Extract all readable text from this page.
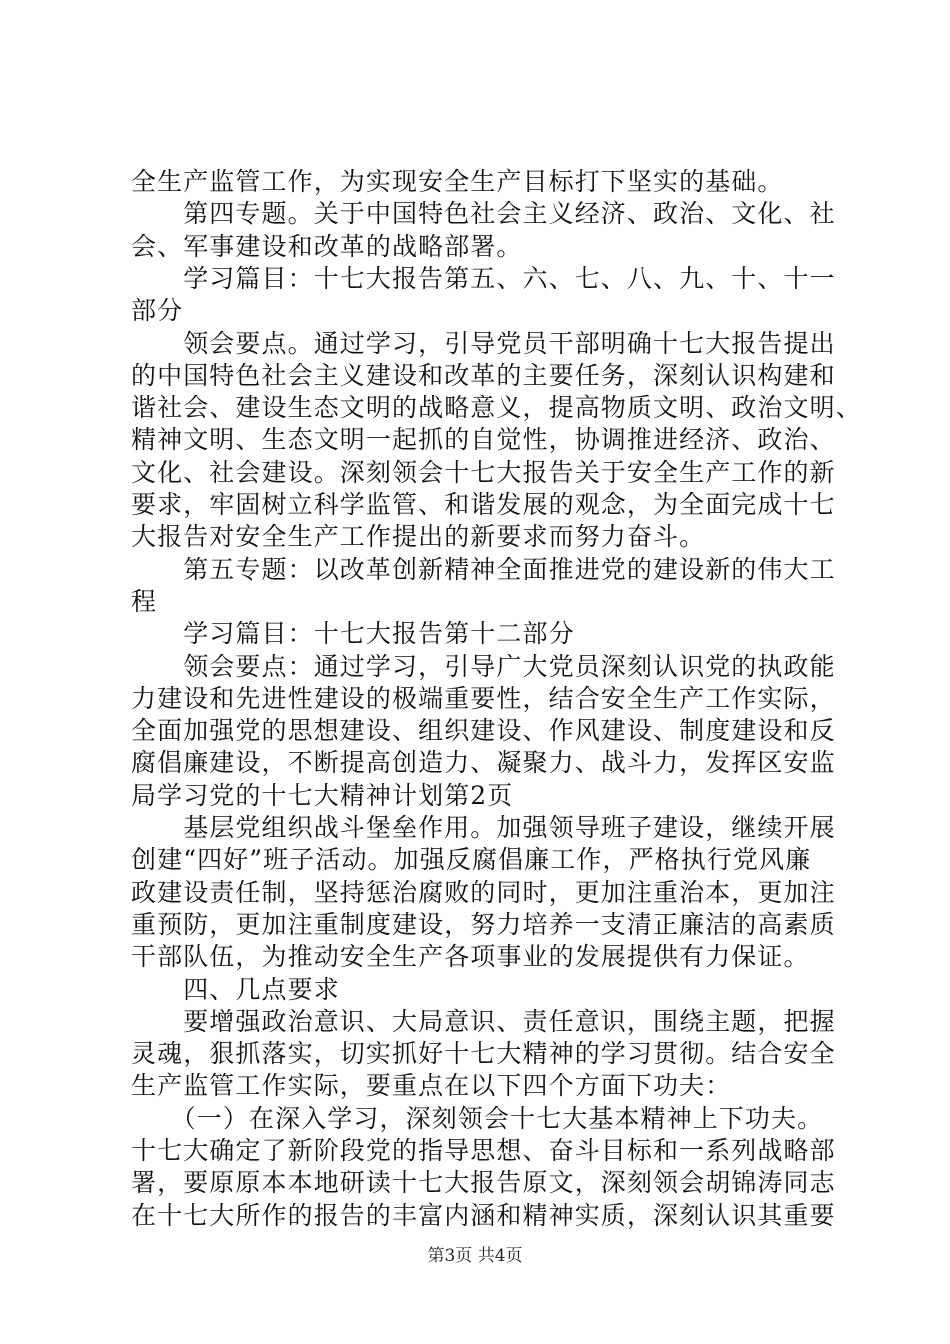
全生产监管工作，为实现安全生产目标打下坚实的基础。
　　第四专题。关于中国特色社会主义经济、政治、文化、社
会、军事建设和改革的战略部署。
　　学习篇目：十七大报告第五、六、七、八、九、十、十一
部分
　　领会要点。通过学习，引导党员干部明确十七大报告提出
的中国特色社会主义建设和改革的主要任务，深刻认识构建和
谐社会、建设生态文明的战略意义，提高物质文明、政治文明、
精神文明、生态文明一起抓的自觉性，协调推进经济、政治、
文化、社会建设。深刻领会十七大报告关于安全生产工作的新
要求，牢固树立科学监管、和谐发展的观念，为全面完成十七
大报告对安全生产工作提出的新要求而努力奋斗。
　　第五专题：以改革创新精神全面推进党的建设新的伟大工
程
　　学习篇目：十七大报告第十二部分
　　领会要点：通过学习，引导广大党员深刻认识党的执政能
力建设和先进性建设的极端重要性，结合安全生产工作实际，
全面加强党的思想建设、组织建设、作风建设、制度建设和反
腐倡廉建设，不断提高创造力、凝聚力、战斗力，发挥区安监
局学习党的十七大精神计划第2页
　　基层党组织战斗堡垒作用。加强领导班子建设，继续开展
创建“四好”班子活动。加强反腐倡廉工作，严格执行党风廉
政建设责任制，坚持惩治腐败的同时，更加注重治本，更加注
重预防，更加注重制度建设，努力培养一支清正廉洁的高素质
干部队伍，为推动安全生产各项事业的发展提供有力保证。
　　四、几点要求
　　要增强政治意识、大局意识、责任意识，围绕主题，把握
灵魂，狠抓落实，切实抓好十七大精神的学习贯彻。结合安全
生产监管工作实际，要重点在以下四个方面下功夫：
　　（一）在深入学习，深刻领会十七大基本精神上下功夫。
十七大确定了新阶段党的指导思想、奋斗目标和一系列战略部
署，要原原本本地研读十七大报告原文，深刻领会胡锦涛同志
在十七大所作的报告的丰富内涵和精神实质，深刻认识其重要
第3页 共4页
